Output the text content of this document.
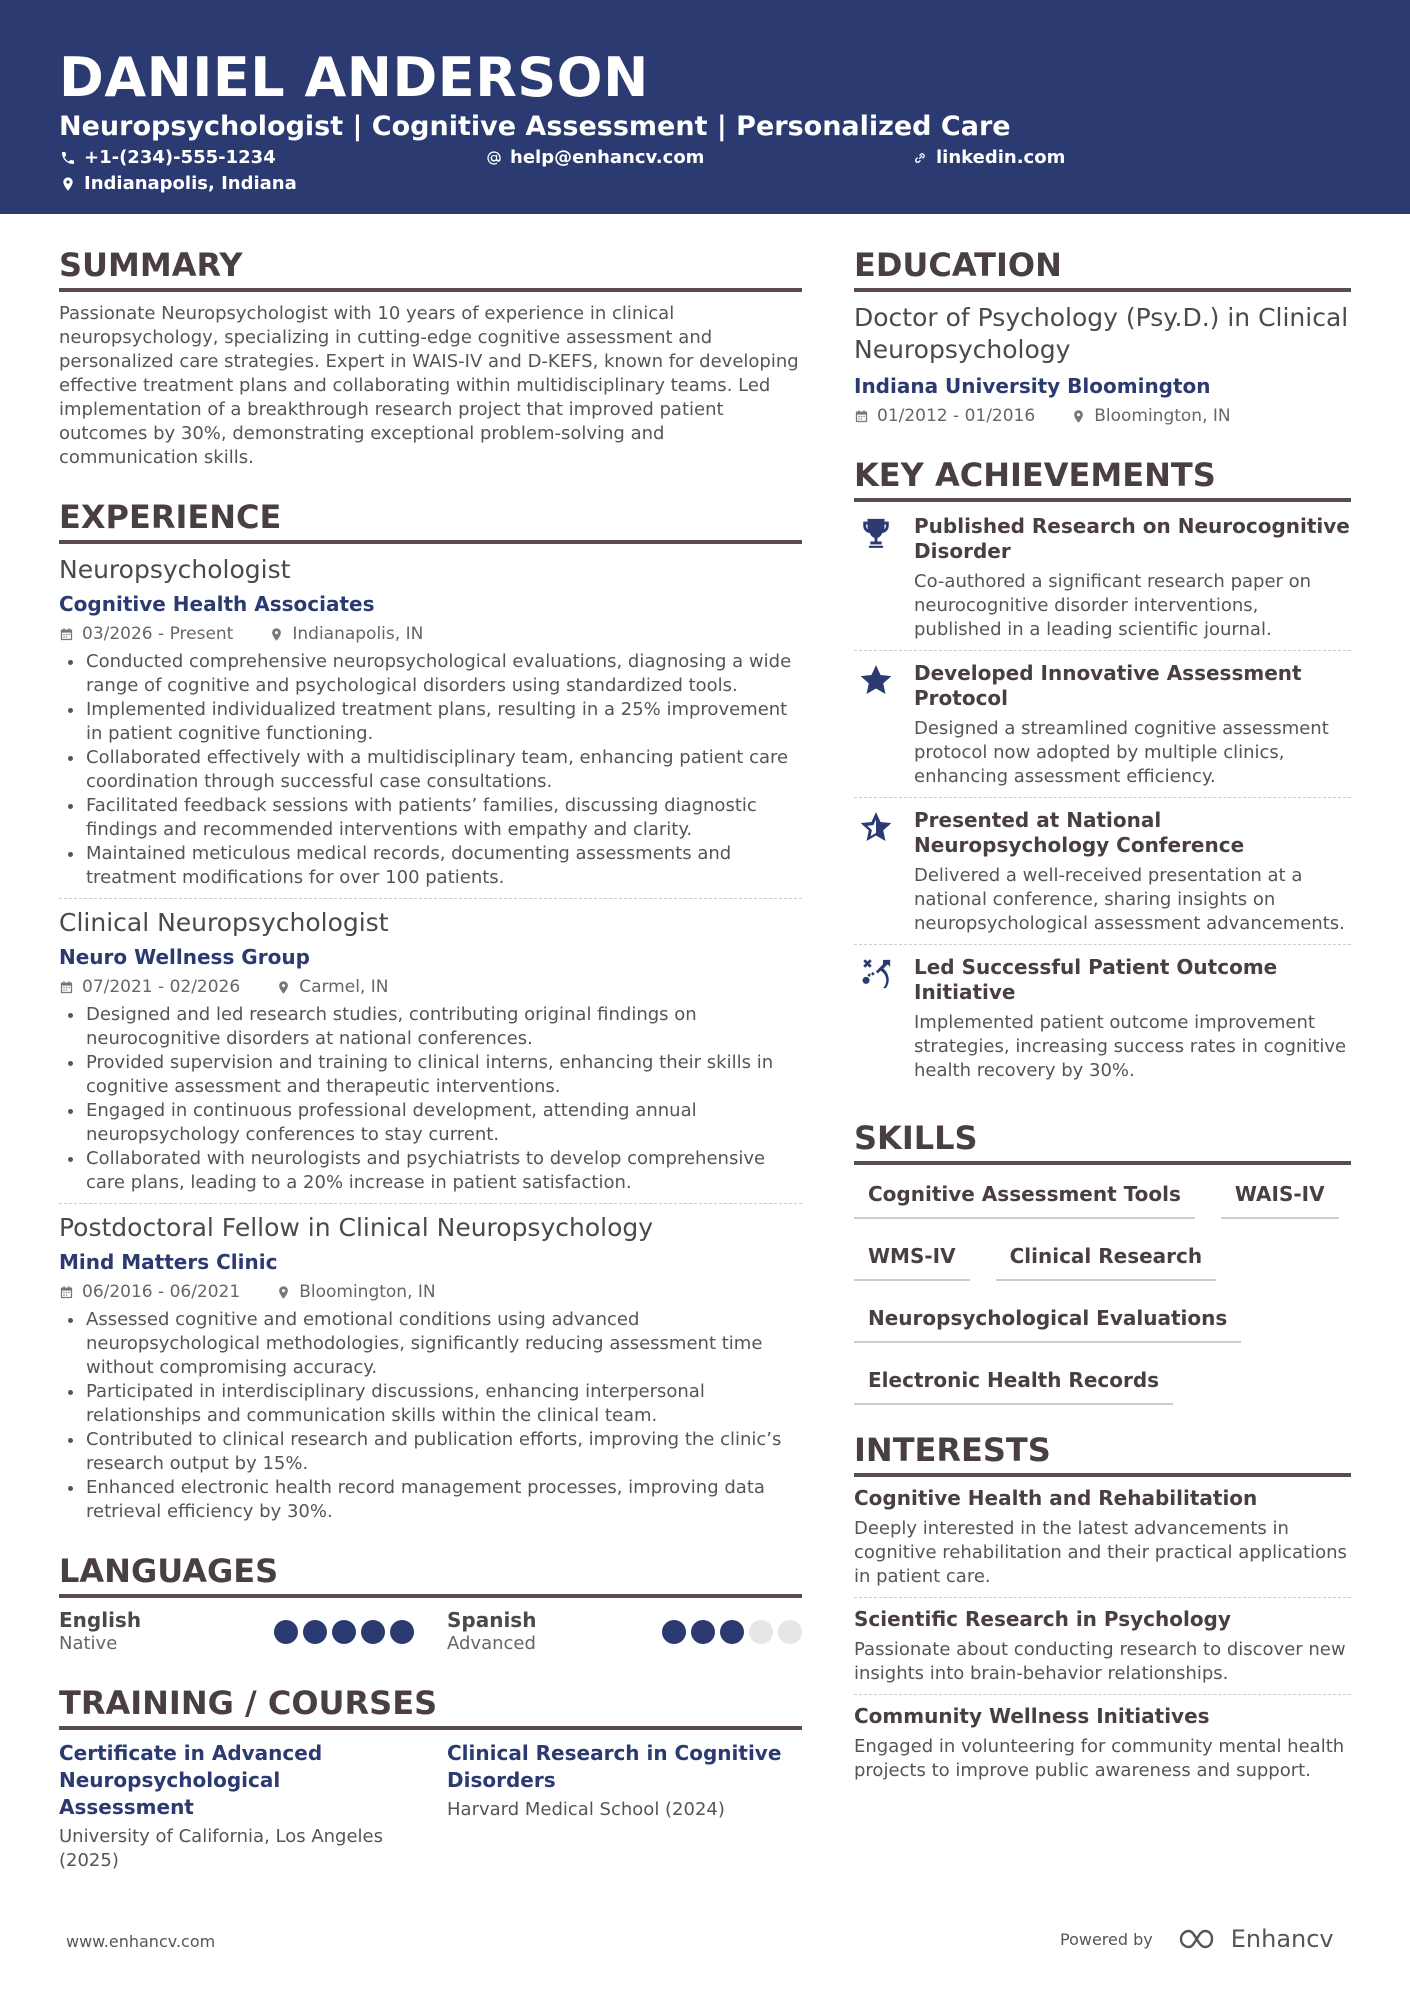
DANIEL ANDERSON
Neuropsychologist | Cognitive Assessment | Personalized Care
+1-(234)-555-1234	help@enhancv.com	linkedin.com
Indianapolis, Indiana
SUMMARY
Passionate Neuropsychologist with 10 years of experience in clinical neuropsychology, specializing in cutting-edge cognitive assessment and personalized care strategies. Expert in WAIS-IV and D-KEFS, known for developing effective treatment plans and collaborating within multidisciplinary teams. Led implementation of a breakthrough research project that improved patient outcomes by 30%, demonstrating exceptional problem-solving and communication skills.
EXPERIENCE
Neuropsychologist
Cognitive Health Associates
03/2026 - Present	Indianapolis, IN
Conducted comprehensive neuropsychological evaluations, diagnosing a wide range of cognitive and psychological disorders using standardized tools.
Implemented individualized treatment plans, resulting in a 25% improvement in patient cognitive functioning.
Collaborated effectively with a multidisciplinary team, enhancing patient care coordination through successful case consultations.
Facilitated feedback sessions with patients’ families, discussing diagnostic findings and recommended interventions with empathy and clarity.
Maintained meticulous medical records, documenting assessments and treatment modifications for over 100 patients.
Clinical Neuropsychologist
Neuro Wellness Group
07/2021 - 02/2026	Carmel, IN
Designed and led research studies, contributing original findings on neurocognitive disorders at national conferences.
Provided supervision and training to clinical interns, enhancing their skills in cognitive assessment and therapeutic interventions.
Engaged in continuous professional development, attending annual neuropsychology conferences to stay current.
Collaborated with neurologists and psychiatrists to develop comprehensive care plans, leading to a 20% increase in patient satisfaction.
Postdoctoral Fellow in Clinical Neuropsychology
Mind Matters Clinic
06/2016 - 06/2021	Bloomington, IN
Assessed cognitive and emotional conditions using advanced neuropsychological methodologies, significantly reducing assessment time without compromising accuracy.
Participated in interdisciplinary discussions, enhancing interpersonal relationships and communication skills within the clinical team.
Contributed to clinical research and publication efforts, improving the clinic’s research output by 15%.
Enhanced electronic health record management processes, improving data retrieval efficiency by 30%.
LANGUAGES
English
Native
Spanish
Advanced
TRAINING / COURSES
Certificate in Advanced Neuropsychological Assessment
University of California, Los Angeles (2025)
Clinical Research in Cognitive Disorders
Harvard Medical School (2024)
EDUCATION
Doctor of Psychology (Psy.D.) in Clinical Neuropsychology
Indiana University Bloomington
01/2012 - 01/2016	Bloomington, IN
KEY ACHIEVEMENTS
Published Research on Neurocognitive Disorder
Co-authored a significant research paper on neurocognitive disorder interventions, published in a leading scientific journal.
Developed Innovative Assessment Protocol
Designed a streamlined cognitive assessment protocol now adopted by multiple clinics, enhancing assessment efficiency.
Presented at National Neuropsychology Conference
Delivered a well-received presentation at a national conference, sharing insights on neuropsychological assessment advancements.
Led Successful Patient Outcome Initiative
Implemented patient outcome improvement strategies, increasing success rates in cognitive health recovery by 30%.
SKILLS
Cognitive Assessment Tools	WAIS-IV
WMS-IV	Clinical Research
Neuropsychological Evaluations
Electronic Health Records
INTERESTS
Cognitive Health and Rehabilitation
Deeply interested in the latest advancements in cognitive rehabilitation and their practical applications in patient care.
Scientific Research in Psychology
Passionate about conducting research to discover new insights into brain-behavior relationships.
Community Wellness Initiatives
Engaged in volunteering for community mental health projects to improve public awareness and support.
www.enhancv.com	Powered by	Enhancv
